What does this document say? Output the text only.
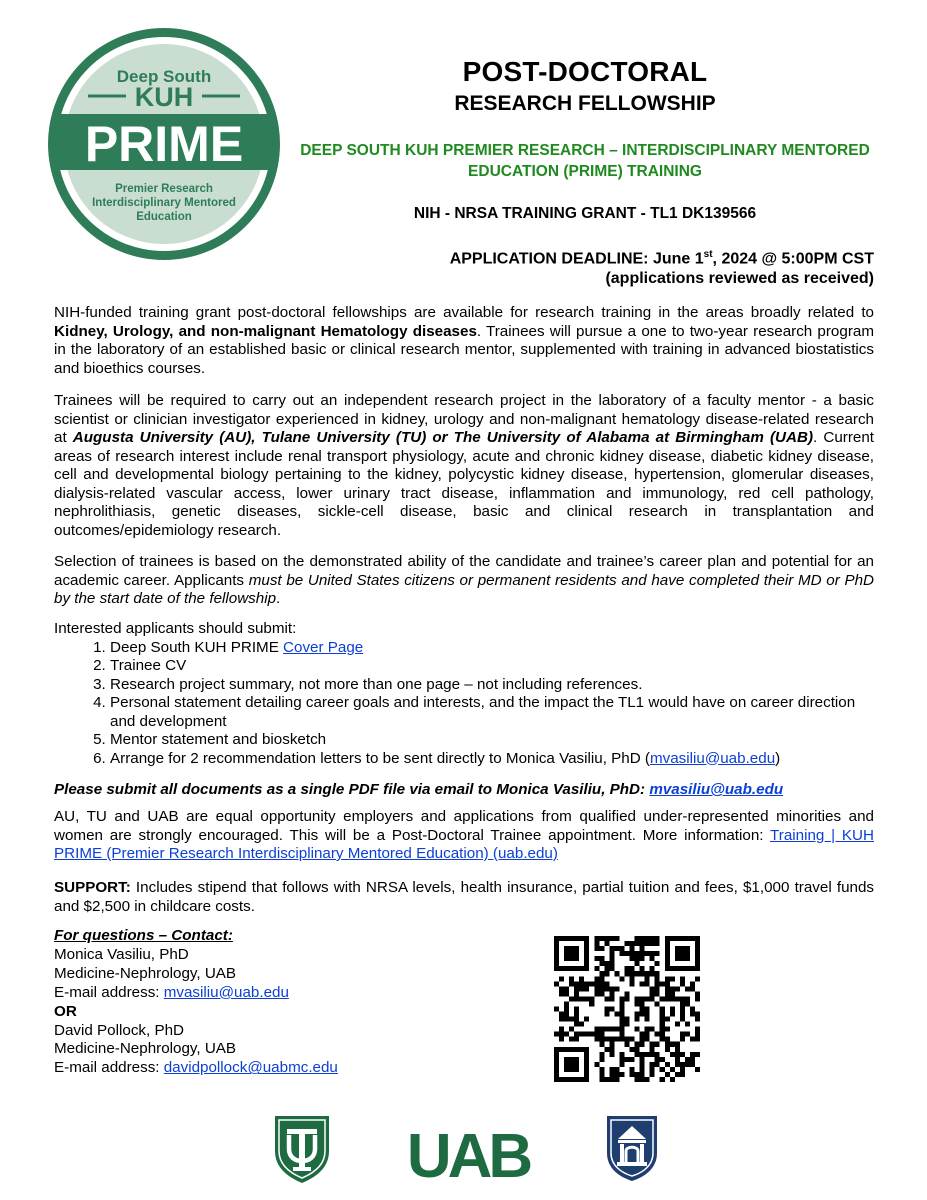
Deep South
KUH
PRIME
Premier Research
Interdisciplinary Mentored
Education
POST-DOCTORAL
RESEARCH FELLOWSHIP
DEEP SOUTH KUH PREMIER RESEARCH – INTERDISCIPLINARY MENTORED EDUCATION (PRIME) TRAINING
NIH - NRSA TRAINING GRANT - TL1 DK139566
APPLICATION DEADLINE: June 1st, 2024 @ 5:00PM CST
(applications reviewed as received)
NIH-funded training grant post-doctoral fellowships are available for research training in the areas broadly related to Kidney, Urology, and non-malignant Hematology diseases. Trainees will pursue a one to two-year research program in the laboratory of an established basic or clinical research mentor, supplemented with training in advanced biostatistics and bioethics courses.
Trainees will be required to carry out an independent research project in the laboratory of a faculty mentor - a basic scientist or clinician investigator experienced in kidney, urology and non-malignant hematology disease-related research at Augusta University (AU), Tulane University (TU) or The University of Alabama at Birmingham (UAB). Current areas of research interest include renal transport physiology, acute and chronic kidney disease, diabetic kidney disease, cell and developmental biology pertaining to the kidney, polycystic kidney disease, hypertension, glomerular diseases, dialysis-related vascular access, lower urinary tract disease, inflammation and immunology, red cell pathology, nephrolithiasis, genetic diseases, sickle-cell disease, basic and clinical research in transplantation and outcomes/epidemiology research.
Selection of trainees is based on the demonstrated ability of the candidate and trainee’s career plan and potential for an academic career. Applicants must be United States citizens or permanent residents and have completed their MD or PhD by the start date of the fellowship.
Interested applicants should submit:
1. Deep South KUH PRIME Cover Page
2. Trainee CV
3. Research project summary, not more than one page – not including references.
4. Personal statement detailing career goals and interests, and the impact the TL1 would have on career direction and development
5. Mentor statement and biosketch
6. Arrange for 2 recommendation letters to be sent directly to Monica Vasiliu, PhD (mvasiliu@uab.edu)
Please submit all documents as a single PDF file via email to Monica Vasiliu, PhD: mvasiliu@uab.edu
AU, TU and UAB are equal opportunity employers and applications from qualified under-represented minorities and women are strongly encouraged. This will be a Post-Doctoral Trainee appointment. More information: Training | KUH PRIME (Premier Research Interdisciplinary Mentored Education) (uab.edu)
SUPPORT: Includes stipend that follows with NRSA levels, health insurance, partial tuition and fees, $1,000 travel funds and $2,500 in childcare costs.
For questions – Contact:
Monica Vasiliu, PhD
Medicine-Nephrology, UAB
E-mail address: mvasiliu@uab.edu
OR
David Pollock, PhD
Medicine-Nephrology, UAB
E-mail address: davidpollock@uabmc.edu
UAB
